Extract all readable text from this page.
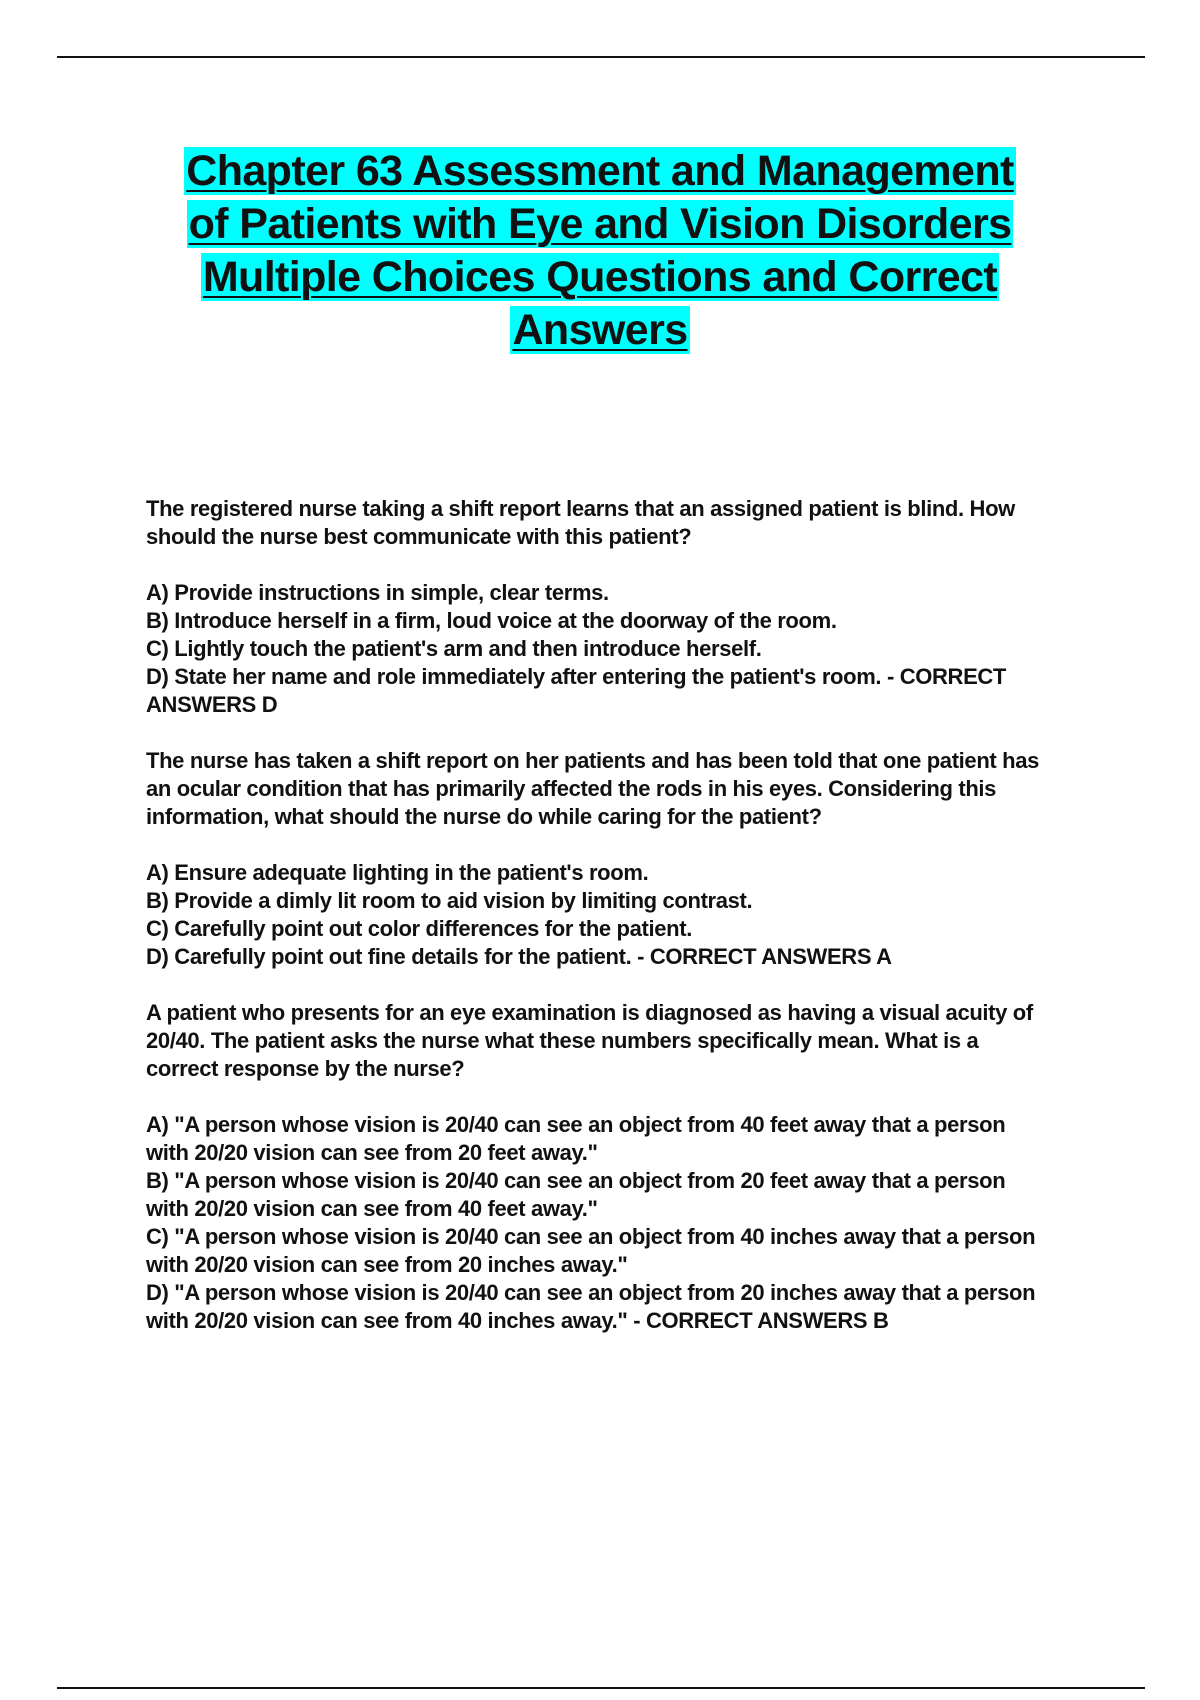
Chapter 63 Assessment and Management
of Patients with Eye and Vision Disorders
Multiple Choices Questions and Correct
Answers
The registered nurse taking a shift report learns that an assigned patient is blind. How should the nurse best communicate with this patient?
A) Provide instructions in simple, clear terms.
B) Introduce herself in a firm, loud voice at the doorway of the room.
C) Lightly touch the patient's arm and then introduce herself.
D) State her name and role immediately after entering the patient's room. - CORRECT ANSWERS D
The nurse has taken a shift report on her patients and has been told that one patient has an ocular condition that has primarily affected the rods in his eyes. Considering this information, what should the nurse do while caring for the patient?
A) Ensure adequate lighting in the patient's room.
B) Provide a dimly lit room to aid vision by limiting contrast.
C) Carefully point out color differences for the patient.
D) Carefully point out fine details for the patient. - CORRECT ANSWERS A
A patient who presents for an eye examination is diagnosed as having a visual acuity of 20/40. The patient asks the nurse what these numbers specifically mean. What is a correct response by the nurse?
A) "A person whose vision is 20/40 can see an object from 40 feet away that a person with 20/20 vision can see from 20 feet away."
B) "A person whose vision is 20/40 can see an object from 20 feet away that a person with 20/20 vision can see from 40 feet away."
C) "A person whose vision is 20/40 can see an object from 40 inches away that a person with 20/20 vision can see from 20 inches away."
D) "A person whose vision is 20/40 can see an object from 20 inches away that a person with 20/20 vision can see from 40 inches away." - CORRECT ANSWERS B
